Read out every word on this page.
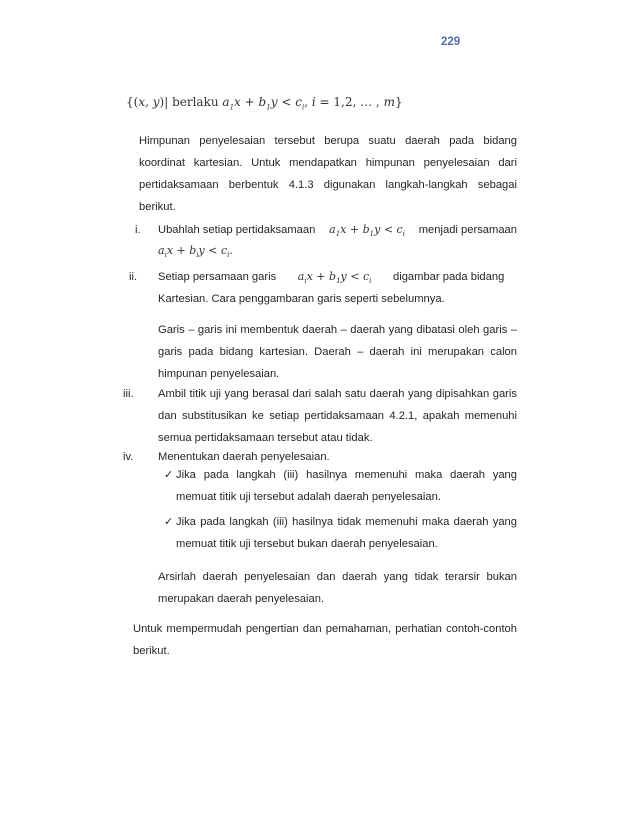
229
{(x, y)| berlaku $a_1x + b_1y < c_i$, i = 1,2, … , m}
Himpunan penyelesaian tersebut berupa suatu daerah pada bidang koordinat kartesian. Untuk mendapatkan himpunan penyelesaian dari pertidaksamaan berbentuk 4.1.3 digunakan langkah-langkah sebagai berikut.
i. Ubahlah setiap pertidaksamaan $a_1x + b_1y < c_i$ menjadi persamaan
$a_ix + b_iy < c_i$.
ii. Setiap persamaan garis $a_ix + b_1y < c_i$ digambar pada bidang
Kartesian. Cara penggambaran garis seperti sebelumnya.
Garis – garis ini membentuk daerah – daerah yang dibatasi oleh garis – garis pada bidang kartesian. Daerah – daerah ini merupakan calon himpunan penyelesaian.
iii. Ambil titik uji yang berasal dari salah satu daerah yang dipisahkan garis dan substitusikan ke setiap pertidaksamaan 4.2.1, apakah memenuhi semua pertidaksamaan tersebut atau tidak.
iv. Menentukan daerah penyelesaian.
✓ Jika pada langkah (iii) hasilnya memenuhi maka daerah yang memuat titik uji tersebut adalah daerah penyelesaian.
✓ Jika pada langkah (iii) hasilnya tidak memenuhi maka daerah yang memuat titik uji tersebut bukan daerah penyelesaian.
Arsirlah daerah penyelesaian dan daerah yang tidak terarsir bukan merupakan daerah penyelesaian.
Untuk mempermudah pengertian dan pemahaman, perhatian contoh-contoh berikut.
